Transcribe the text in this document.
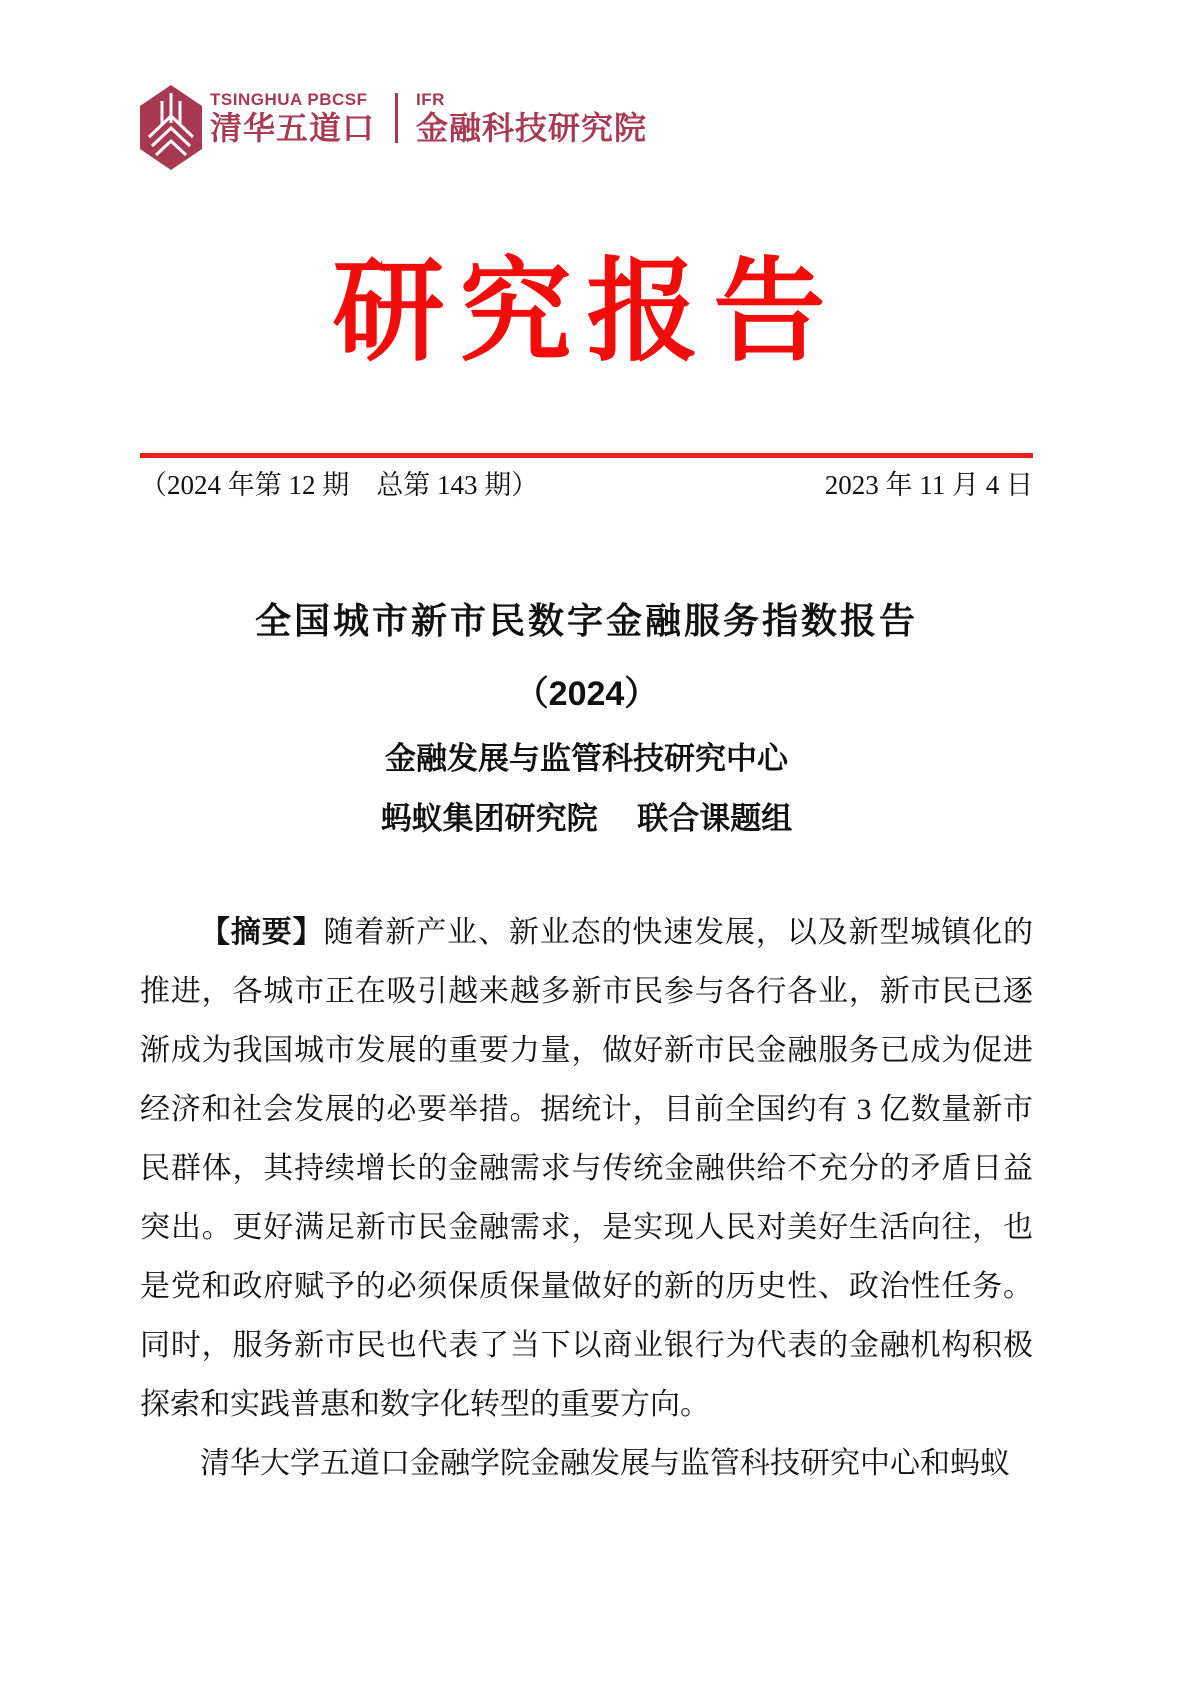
TSINGHUA PBCSF
清华五道口
IFR
金融科技研究院
研究报告
（2024 年第 12 期　总第 143 期）	2023 年 11 月 4 日
全国城市新市民数字金融服务指数报告
（2024）
金融发展与监管科技研究中心
蚂蚁集团研究院　 联合课题组

【摘要】随着新产业、新业态的快速发展，以及新型城镇化的推进，各城市正在吸引越来越多新市民参与各行各业，新市民已逐渐成为我国城市发展的重要力量，做好新市民金融服务已成为促进经济和社会发展的必要举措。据统计，目前全国约有 3 亿数量新市民群体，其持续增长的金融需求与传统金融供给不充分的矛盾日益突出。更好满足新市民金融需求，是实现人民对美好生活向往，也是党和政府赋予的必须保质保量做好的新的历史性、政治性任务。同时，服务新市民也代表了当下以商业银行为代表的金融机构积极探索和实践普惠和数字化转型的重要方向。

清华大学五道口金融学院金融发展与监管科技研究中心和蚂蚁
